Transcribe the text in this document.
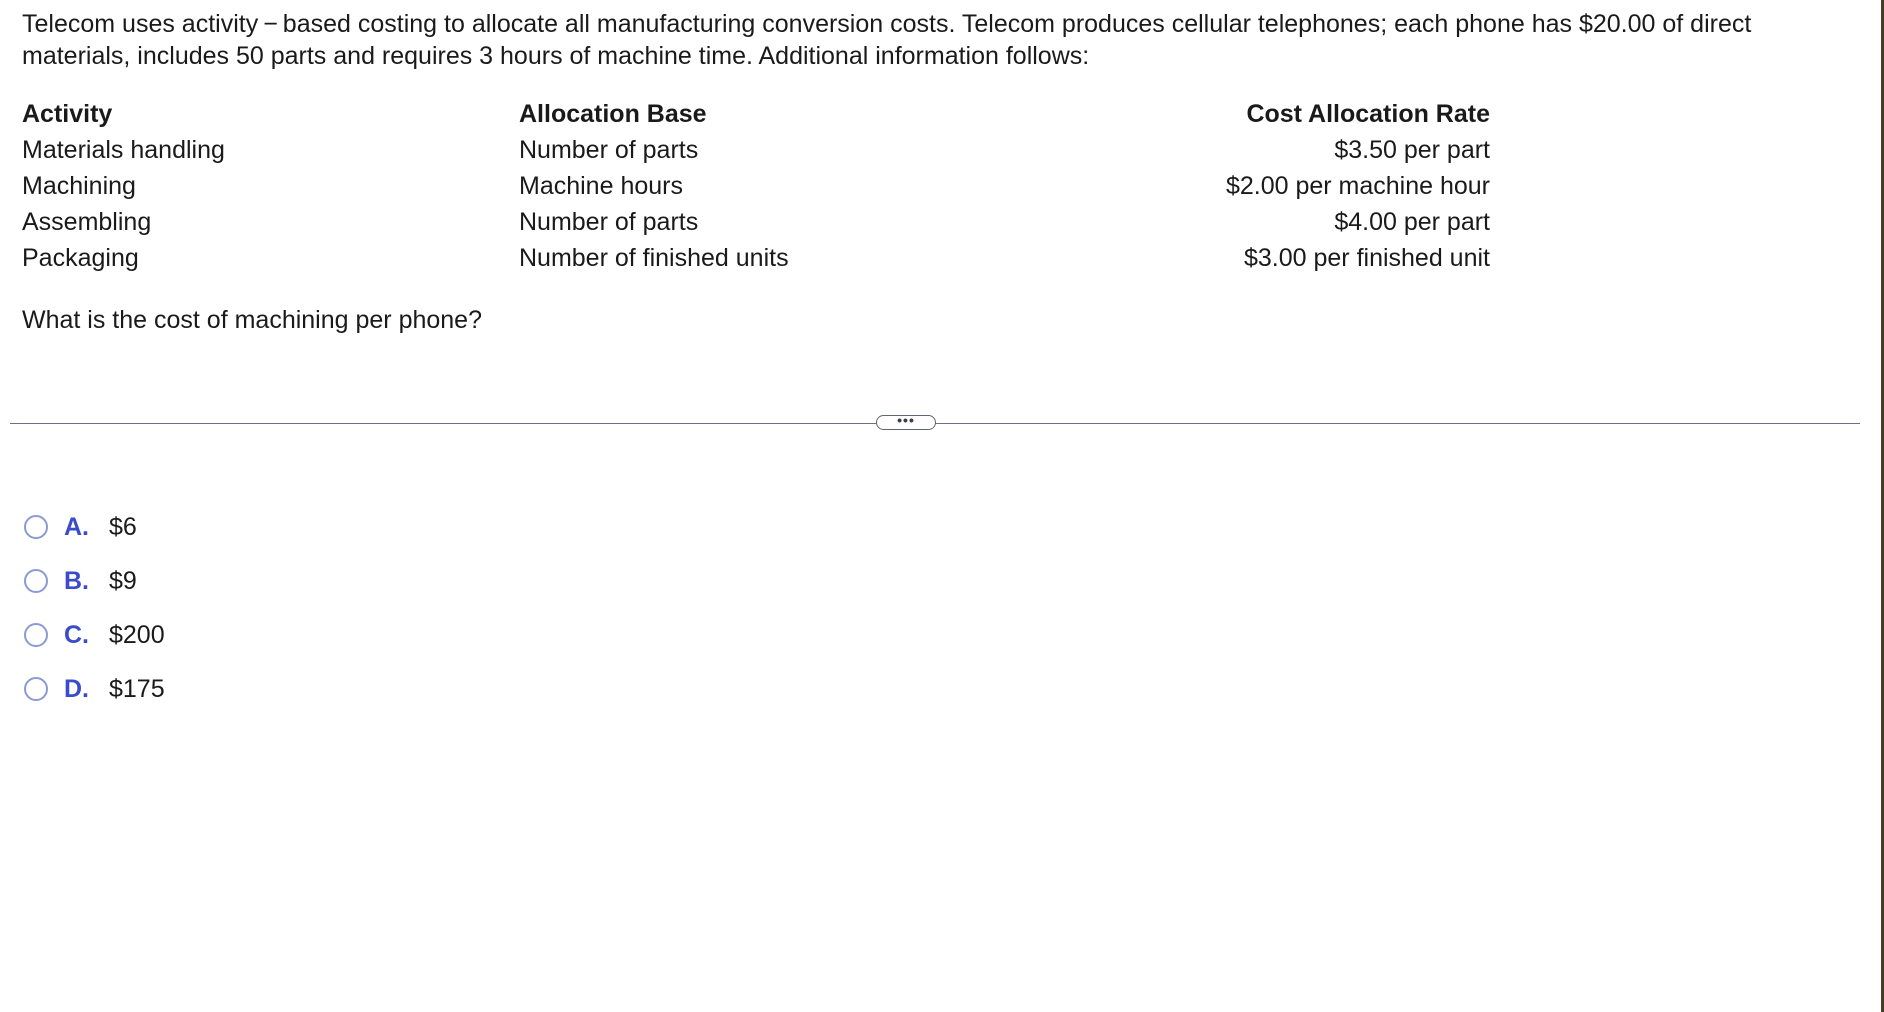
Telecom uses activity − based costing to allocate all manufacturing conversion costs. Telecom produces cellular telephones; each phone has $20.00 of direct materials, includes 50 parts and requires 3 hours of machine time. Additional information follows:
Activity	Allocation Base	Cost Allocation Rate
Materials handling	Number of parts	$3.50 per part
Machining	Machine hours	$2.00 per machine hour
Assembling	Number of parts	$4.00 per part
Packaging	Number of finished units	$3.00 per finished unit
What is the cost of machining per phone?
•••
A. $6
B. $9
C. $200
D. $175
